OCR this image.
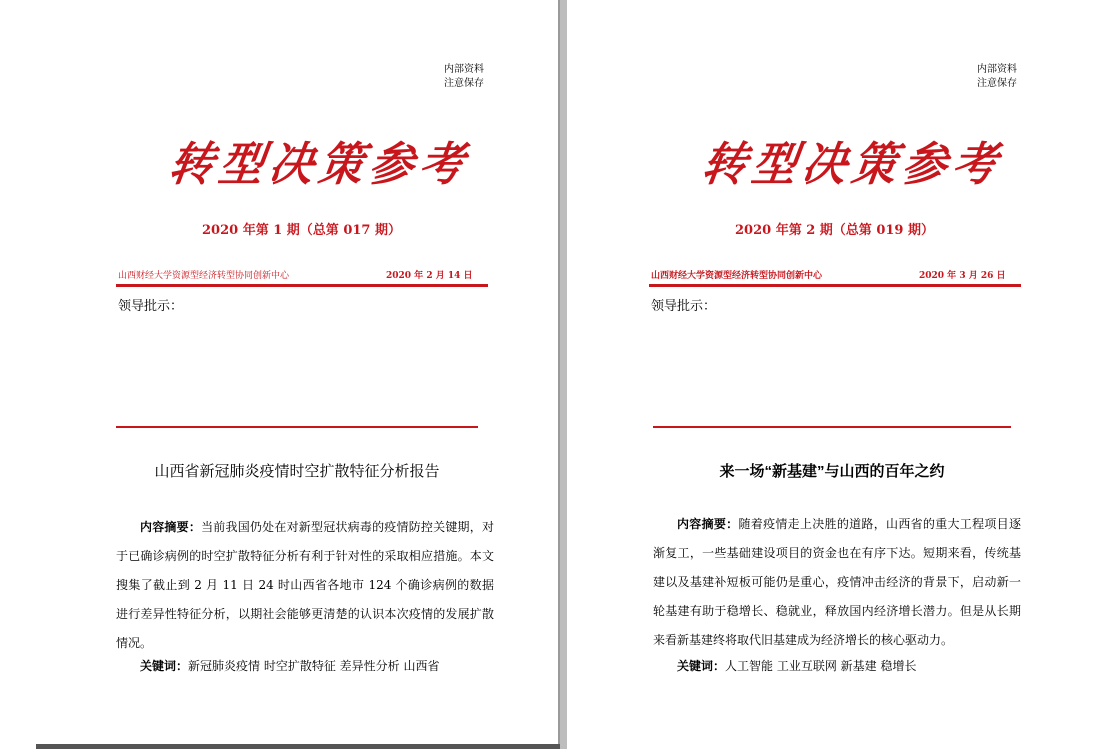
内部资料
注意保存
转型决策参考
2020 年第 1 期（总第 017 期）
山西财经大学资源型经济转型协同创新中心	2020 年 2 月 14 日
领导批示：
山西省新冠肺炎疫情时空扩散特征分析报告
内容摘要：当前我国仍处在对新型冠状病毒的疫情防控关键期，对于已确诊病例的时空扩散特征分析有利于针对性的采取相应措施。本文搜集了截止到 2 月 11 日 24 时山西省各地市 124 个确诊病例的数据进行差异性特征分析，以期社会能够更清楚的认识本次疫情的发展扩散情况。
关键词：新冠肺炎疫情 时空扩散特征 差异性分析 山西省
内部资料
注意保存
转型决策参考
2020 年第 2 期（总第 019 期）
山西财经大学资源型经济转型协同创新中心	2020 年 3 月 26 日
领导批示：
来一场“新基建”与山西的百年之约
内容摘要：随着疫情走上决胜的道路，山西省的重大工程项目逐渐复工，一些基础建设项目的资金也在有序下达。短期来看，传统基建以及基建补短板可能仍是重心，疫情冲击经济的背景下，启动新一轮基建有助于稳增长、稳就业，释放国内经济增长潜力。但是从长期来看新基建终将取代旧基建成为经济增长的核心驱动力。
关键词：人工智能 工业互联网 新基建 稳增长
